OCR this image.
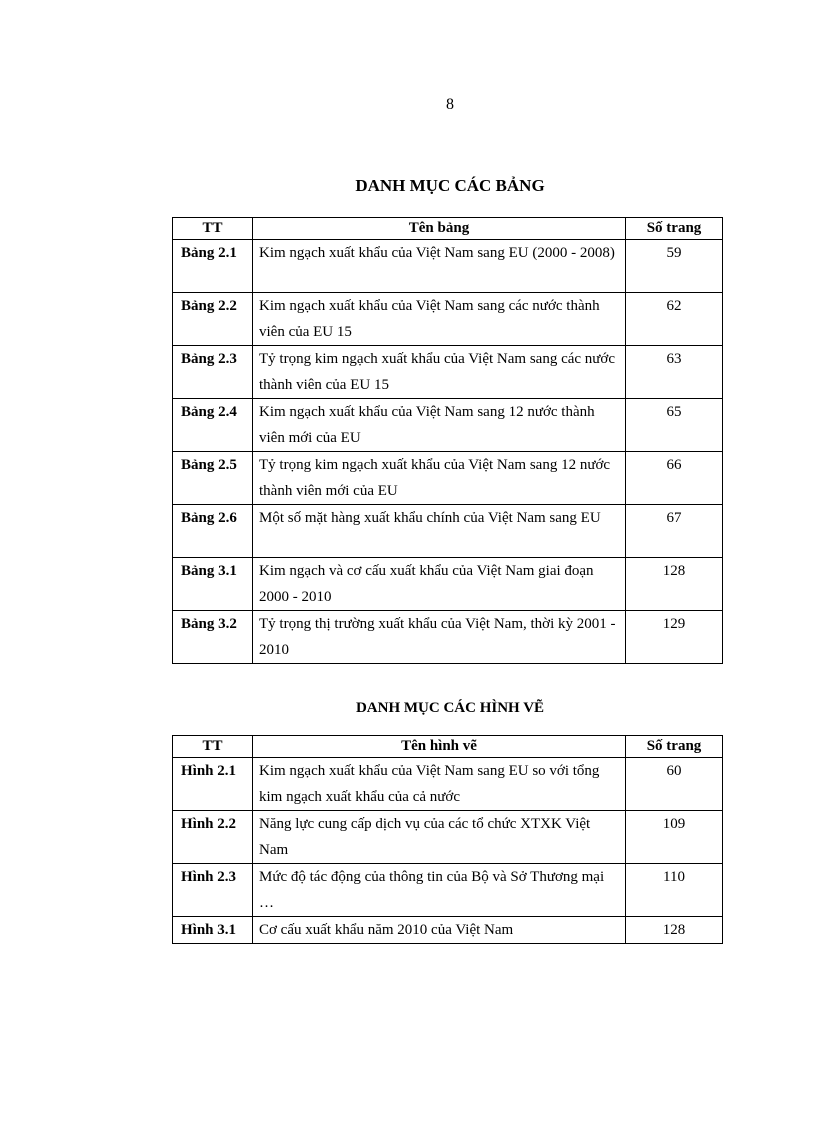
8
DANH MỤC CÁC BẢNG
TT	Tên bảng	Số trang
Bảng 2.1	Kim ngạch xuất khẩu của Việt Nam sang EU (2000 - 2008)	59
Bảng 2.2	Kim ngạch xuất khẩu của Việt Nam sang các nước thành viên của EU 15	62
Bảng 2.3	Tỷ trọng kim ngạch xuất khẩu của Việt Nam sang các nước thành viên của EU 15	63
Bảng 2.4	Kim ngạch xuất khẩu của Việt Nam sang 12 nước thành viên mới của EU	65
Bảng 2.5	Tỷ trọng kim ngạch xuất khẩu của Việt Nam sang 12 nước thành viên mới của EU	66
Bảng 2.6	Một số mặt hàng xuất khẩu chính của Việt Nam sang EU	67
Bảng 3.1	Kim ngạch và cơ cấu xuất khẩu của Việt Nam giai đoạn 2000 - 2010	128
Bảng 3.2	Tỷ trọng thị trường xuất khẩu của Việt Nam, thời kỳ 2001 - 2010	129
DANH MỤC CÁC HÌNH VẼ
TT	Tên hình vẽ	Số trang
Hình 2.1	Kim ngạch xuất khẩu của Việt Nam sang EU so với tổng kim ngạch xuất khẩu của cả nước	60
Hình 2.2	Năng lực cung cấp dịch vụ của các tổ chức XTXK Việt Nam	109
Hình 2.3	Mức độ tác động của thông tin của Bộ và Sở Thương mại …	110
Hình 3.1	Cơ cấu xuất khẩu năm 2010 của Việt Nam	128
